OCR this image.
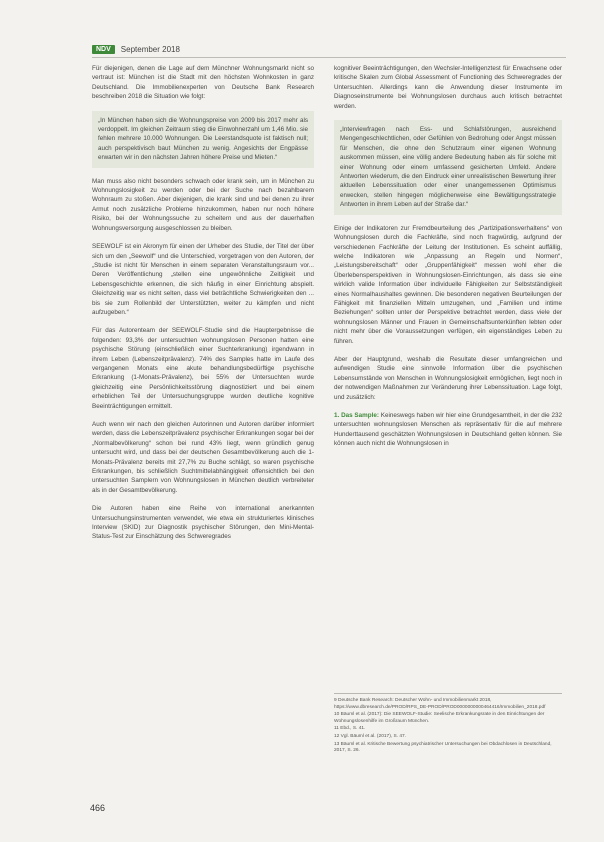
NDV	September 2018

Für diejenigen, denen die Lage auf dem Münchner Wohnungsmarkt nicht so vertraut ist: München ist die Stadt mit den höchsten Wohnkosten in ganz Deutschland. Die Immobilienexperten von Deutsche Bank Research beschreiben 2018 die Situation wie folgt:

„In München haben sich die Wohnungspreise von 2009 bis 2017 mehr als verdoppelt. Im gleichen Zeitraum stieg die Einwohnerzahl um 1,46 Mio. sie fehlen mehrere 10.000 Wohnungen. Die Leerstandsquote ist faktisch null; auch perspektivisch baut München zu wenig. Angesichts der Engpässe erwarten wir in den nächsten Jahren höhere Preise und Mieten.“

Man muss also nicht besonders schwach oder krank sein, um in München zu Wohnungslosigkeit zu werden oder bei der Suche nach bezahlbarem Wohnraum zu stoßen. Aber diejenigen, die krank sind und bei denen zu ihrer Armut noch zusätzliche Probleme hinzukommen, haben nur noch höhere Risiko, bei der Wohnungssuche zu scheitern und aus der dauerhaften Wohnungsversorgung ausgeschlossen zu bleiben.

SEEWOLF ist ein Akronym für einen der Urheber des Studie, der Titel der über sich um den „Seewolf“ und die Unterschied, vorgetragen von den Autoren, der „Studie ist nicht für Menschen in einem separaten Veranstaltungsraum vor... Deren Veröffentlichung „stellen eine ungewöhnliche Zeitigkeit und Lebensgeschichte erkennen, die sich häufig in einer Einrichtung abspielt. Gleichzeitig war es nicht selten, dass viel beträchtliche Schwierigkeiten den ... bis sie zum Rollenbild der Unterstützten, weiter zu kämpfen und nicht aufzugeben.“

Für das Autorenteam der SEEWOLF-Studie sind die Hauptergebnisse die folgenden: 93,3% der untersuchten wohnungslosen Personen hatten eine psychische Störung (einschließlich einer Suchterkrankung) irgendwann in ihrem Leben (Lebenszeitprävalenz). 74% des Samples hatte im Laufe des vergangenen Monats eine akute behandlungsbedürftige psychische Erkrankung (1-Monats-Prävalenz), bei 55% der Untersuchten wurde gleichzeitig eine Persönlichkeitsstörung diagnostiziert und bei einem erheblichen Teil der Untersuchungsgruppe wurden deutliche kognitive Beeinträchtigungen ermittelt.

Auch wenn wir nach den gleichen Autorinnen und Autoren darüber informiert werden, dass die Lebenszeitprävalenz psychischer Erkrankungen sogar bei der „Normalbevölkerung“ schon bei rund 43% liegt, wenn gründlich genug untersucht wird, und dass bei der deutschen Gesamtbevölkerung auch die 1-Monats-Prävalenz bereits mit 27,7% zu Buche schlägt, so waren psychische Erkrankungen, bis schließlich Suchtmittelabhängigkeit offensichtlich bei den untersuchten Samplern von Wohnungslosen in München deutlich verbreiteter als in der Gesamtbevölkerung.

Die Autoren haben eine Reihe von international anerkannten Untersuchungsinstrumenten verwendet, wie etwa ein strukturiertes klinisches Interview (SKID) zur Diagnostik psychischer Störungen, den Mini-Mental-Status-Test zur Einschätzung des Schweregrades

kognitiver Beeinträchtigungen, den Wechsler-Intelligenztest für Erwachsene oder kritische Skalen zum Global Assessment of Functioning des Schweregrades der Untersuchten. Allerdings kann die Anwendung dieser Instrumente im Diagnoseinstrumente bei Wohnungslosen durchaus auch kritisch betrachtet werden.

„Interviewfragen nach Ess- und Schlafstörungen, ausreichend Mengengeschlechtlichen, oder Gefühlen von Bedrohung oder Angst müssen für Menschen, die ohne den Schutzraum einer eigenen Wohnung auskommen müssen, eine völlig andere Bedeutung haben als für solche mit einer Wohnung oder einem umfassend gesicherten Umfeld. Andere Antworten wiederum, die den Eindruck einer unrealistischen Bewertung ihrer aktuellen Lebenssituation oder einer unangemessenen Optimismus erwecken, stellen hingegen möglicherweise eine Bewältigungsstrategie Antworten in ihrem Leben auf der Straße dar.“

Einige der Indikatoren zur Fremdbeurteilung des „Partizipationsverhaltens“ von Wohnungslosen durch die Fachkräfte, sind noch fragwürdig, aufgrund der verschiedenen Fachkräfte der Leitung der Institutionen. Es scheint auffällig, welche Indikatoren wie „Anpassung an Regeln und Normen“, „Leistungsbereitschaft“ oder „Gruppenfähigkeit“ messen wohl eher die Überlebensperspektiven in Wohnungslosen-Einrichtungen, als dass sie eine wirklich valide Information über individuelle Fähigkeiten zur Selbstständigkeit eines Normalhaushaltes gewinnen. Die besonderen negativen Beurteilungen der Fähigkeit mit finanziellen Mitteln umzugehen, und „Familien und intime Beziehungen“ sollten unter der Perspektive betrachtet werden, dass viele der wohnungslosen Männer und Frauen in Gemeinschaftsunterkünften lebten oder nicht mehr über die Voraussetzungen verfügen, ein eigenständiges Leben zu führen.

Aber der Hauptgrund, weshalb die Resultate dieser umfangreichen und aufwendigen Studie eine sinnvolle Information über die psychischen Lebensumstände von Menschen in Wohnungslosigkeit ermöglichen, liegt noch in der notwendigen Maßnahmen zur Veränderung ihrer Lebenssituation. Lage folgt, und zusätzlich:

1. Das Sample: Keineswegs haben wir hier eine Grundgesamtheit, in der die 232 untersuchten wohnungslosen Menschen als repräsentativ für die auf mehrere Hunderttausend geschätzten Wohnungslosen in Deutschland gelten können. Sie können auch nicht die Wohnungslosen in

9 Deutsche Bank Research: Deutscher Wohn- und Immobilienmarkt 2018, https://www.dbresearch.de/PROD/RPS_DE-PROD/PROD0000000000464416/Immobilien_2018.pdf

10 Bäuml et al. (2017): Die SEEWOLF-Studie: Seelische Erkrankungsrate in den Einrichtungen der Wohnungslosenhilfe im Großraum München.

11 Ebd., S. 41.

12 Vgl. Bäuml et al. (2017), S. 47.

13 Bäuml et al. Kritische Bewertung psychiatrischer Untersuchungen bei Obdachlosen in Deutschland, 2017, S. 26.

466
